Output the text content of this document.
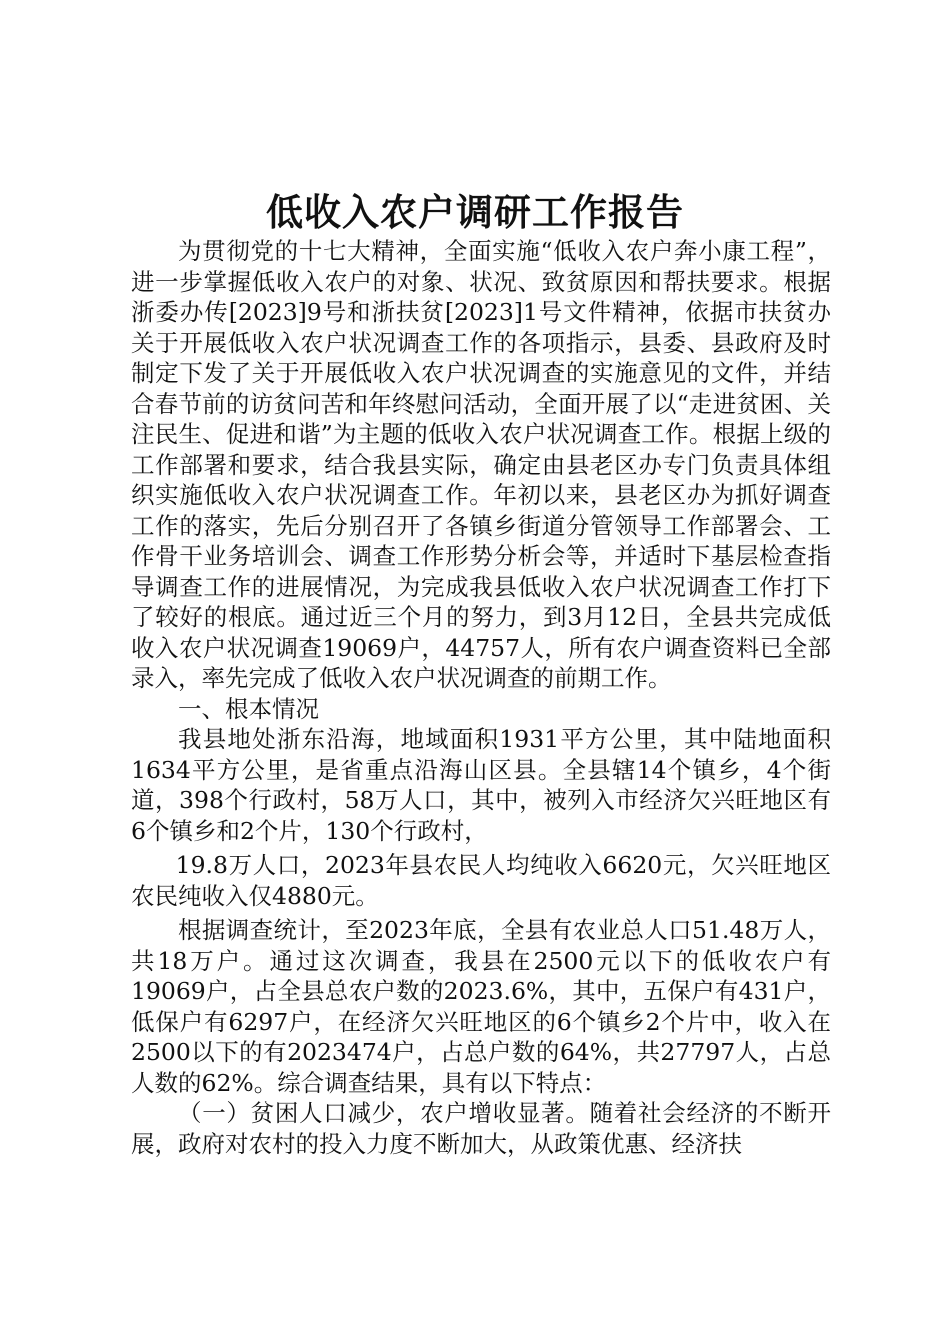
低收入农户调研工作报告

为贯彻党的十七大精神，全面实施“低收入农户奔小康工程”，进一步掌握低收入农户的对象、状况、致贫原因和帮扶要求。根据浙委办传[2023]9号和浙扶贫[2023]1号文件精神，依据市扶贫办关于开展低收入农户状况调查工作的各项指示，县委、县政府及时制定下发了关于开展低收入农户状况调查的实施意见的文件，并结合春节前的访贫问苦和年终慰问活动，全面开展了以“走进贫困、关注民生、促进和谐”为主题的低收入农户状况调查工作。根据上级的工作部署和要求，结合我县实际，确定由县老区办专门负责具体组织实施低收入农户状况调查工作。年初以来，县老区办为抓好调查工作的落实，先后分别召开了各镇乡街道分管领导工作部署会、工作骨干业务培训会、调查工作形势分析会等，并适时下基层检查指导调查工作的进展情况，为完成我县低收入农户状况调查工作打下了较好的根底。通过近三个月的努力，到3月12日，全县共完成低收入农户状况调查19069户，44757人，所有农户调查资料已全部录入，率先完成了低收入农户状况调查的前期工作。

一、根本情况

我县地处浙东沿海，地域面积1931平方公里，其中陆地面积1634平方公里，是省重点沿海山区县。全县辖14个镇乡，4个街道，398个行政村，58万人口，其中，被列入市经济欠兴旺地区有6个镇乡和2个片，130个行政村，

19.8万人口，2023年县农民人均纯收入6620元，欠兴旺地区农民纯收入仅4880元。

根据调查统计，至2023年底，全县有农业总人口51.48万人，共18万户。通过这次调查，我县在2500元以下的低收农户有19069户，占全县总农户数的2023.6%，其中，五保户有431户，低保户有6297户，在经济欠兴旺地区的6个镇乡2个片中，收入在2500以下的有2023474户，占总户数的64%，共27797人，占总人数的62%。综合调查结果，具有以下特点：

（一）贫困人口减少，农户增收显著。随着社会经济的不断开展，政府对农村的投入力度不断加大，从政策优惠、经济扶
